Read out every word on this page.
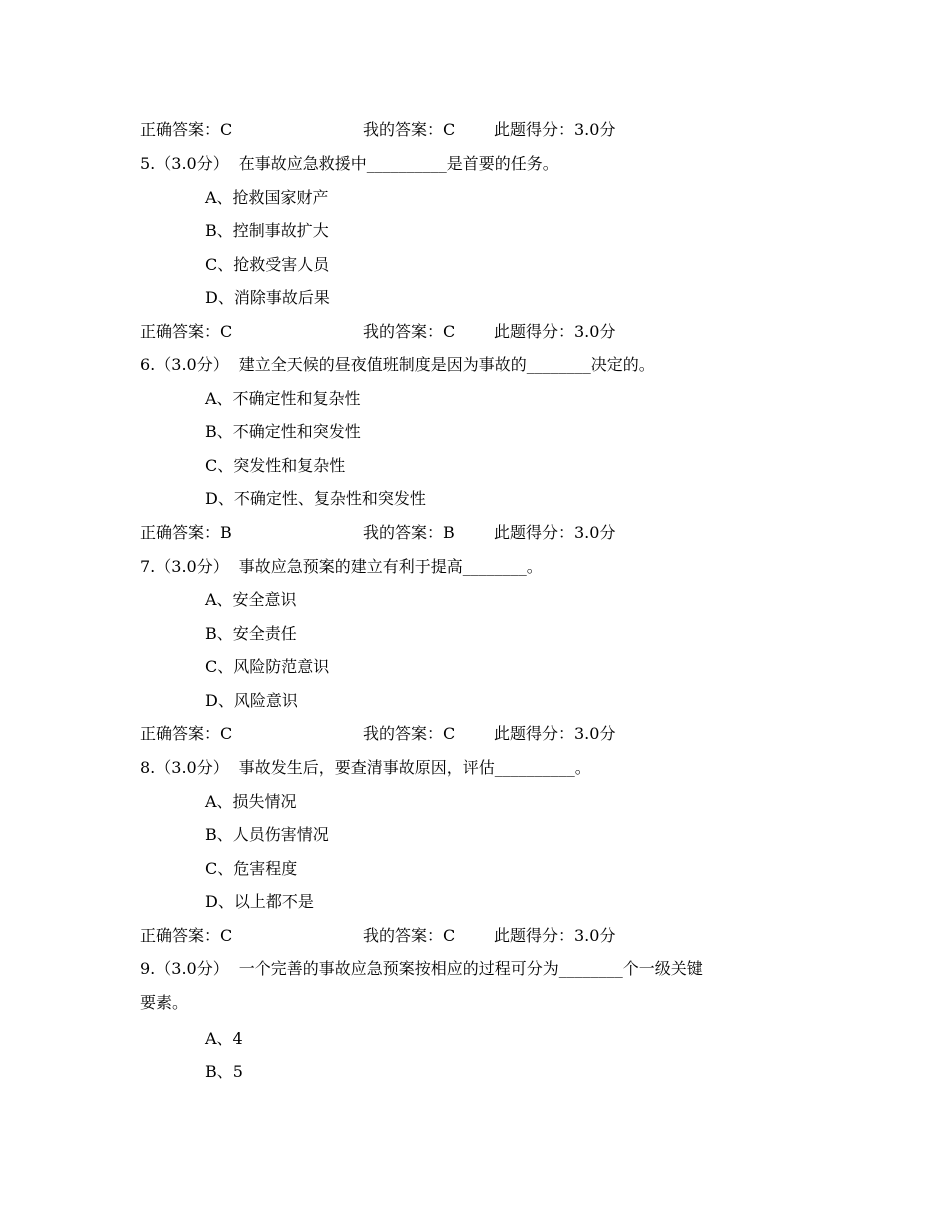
正确答案：C	我的答案：C 此题得分：3.0分
5.（3.0分） 在事故应急救援中__________是首要的任务。
A、抢救国家财产
B、控制事故扩大
C、抢救受害人员
D、消除事故后果
正确答案：C	我的答案：C 此题得分：3.0分
6.（3.0分） 建立全天候的昼夜值班制度是因为事故的________决定的。
A、不确定性和复杂性
B、不确定性和突发性
C、突发性和复杂性
D、不确定性、复杂性和突发性
正确答案：B	我的答案：B 此题得分：3.0分
7.（3.0分） 事故应急预案的建立有利于提高________。
A、安全意识
B、安全责任
C、风险防范意识
D、风险意识
正确答案：C	我的答案：C 此题得分：3.0分
8.（3.0分） 事故发生后，要查清事故原因，评估__________。
A、损失情况
B、人员伤害情况
C、危害程度
D、以上都不是
正确答案：C	我的答案：C 此题得分：3.0分
9.（3.0分） 一个完善的事故应急预案按相应的过程可分为________个一级关键
要素。
A、4
B、5
